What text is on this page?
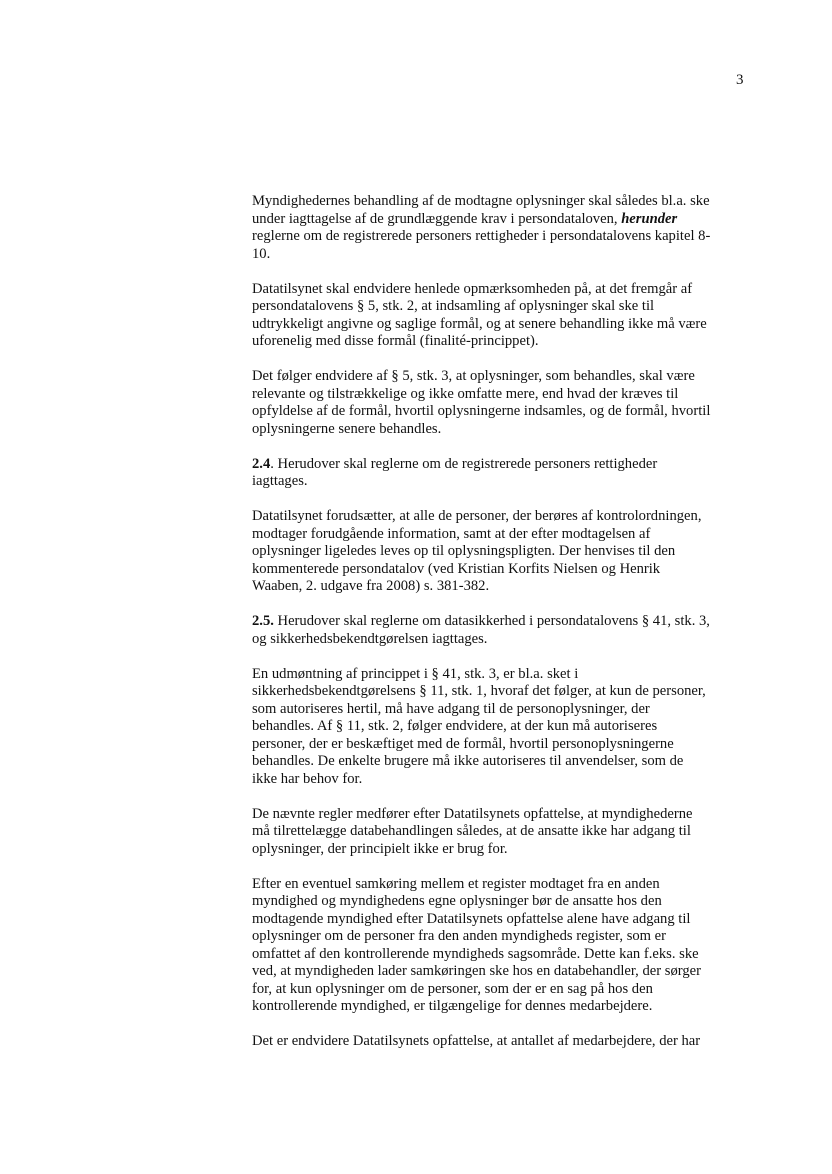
3

Myndighedernes behandling af de modtagne oplysninger skal således bl.a. ske
under iagttagelse af de grundlæggende krav i persondataloven, herunder
reglerne om de registrerede personers rettigheder i persondatalovens kapitel 8-
10.

Datatilsynet skal endvidere henlede opmærksomheden på, at det fremgår af
persondatalovens § 5, stk. 2, at indsamling af oplysninger skal ske til
udtrykkeligt angivne og saglige formål, og at senere behandling ikke må være
uforenelig med disse formål (finalité-princippet).

Det følger endvidere af § 5, stk. 3, at oplysninger, som behandles, skal være
relevante og tilstrækkelige og ikke omfatte mere, end hvad der kræves til
opfyldelse af de formål, hvortil oplysningerne indsamles, og de formål, hvortil
oplysningerne senere behandles.

2.4. Herudover skal reglerne om de registrerede personers rettigheder
iagttages.

Datatilsynet forudsætter, at alle de personer, der berøres af kontrolordningen,
modtager forudgående information, samt at der efter modtagelsen af
oplysninger ligeledes leves op til oplysningspligten. Der henvises til den
kommenterede persondatalov (ved Kristian Korfits Nielsen og Henrik
Waaben, 2. udgave fra 2008) s. 381-382.

2.5. Herudover skal reglerne om datasikkerhed i persondatalovens § 41, stk. 3,
og sikkerhedsbekendtgørelsen iagttages.

En udmøntning af princippet i § 41, stk. 3, er bl.a. sket i
sikkerhedsbekendtgørelsens § 11, stk. 1, hvoraf det følger, at kun de personer,
som autoriseres hertil, må have adgang til de personoplysninger, der
behandles. Af § 11, stk. 2, følger endvidere, at der kun må autoriseres
personer, der er beskæftiget med de formål, hvortil personoplysningerne
behandles. De enkelte brugere må ikke autoriseres til anvendelser, som de
ikke har behov for.

De nævnte regler medfører efter Datatilsynets opfattelse, at myndighederne
må tilrettelægge databehandlingen således, at de ansatte ikke har adgang til
oplysninger, der principielt ikke er brug for.

Efter en eventuel samkøring mellem et register modtaget fra en anden
myndighed og myndighedens egne oplysninger bør de ansatte hos den
modtagende myndighed efter Datatilsynets opfattelse alene have adgang til
oplysninger om de personer fra den anden myndigheds register, som er
omfattet af den kontrollerende myndigheds sagsområde. Dette kan f.eks. ske
ved, at myndigheden lader samkøringen ske hos en databehandler, der sørger
for, at kun oplysninger om de personer, som der er en sag på hos den
kontrollerende myndighed, er tilgængelige for dennes medarbejdere.

Det er endvidere Datatilsynets opfattelse, at antallet af medarbejdere, der har
